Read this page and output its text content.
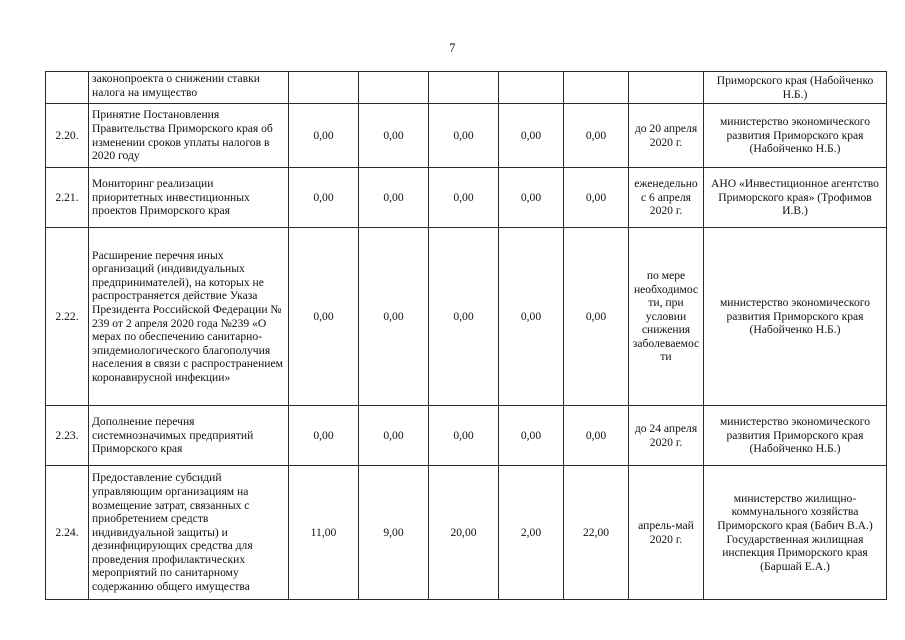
7
	законопроекта о снижении ставки налога на имущество							Приморского края (Набойченко Н.Б.)
2.20.	Принятие Постановления Правительства Приморского края об изменении сроков уплаты налогов в 2020 году	0,00	0,00	0,00	0,00	0,00	до 20 апреля 2020 г.	министерство экономического развития Приморского края (Набойченко Н.Б.)
2.21.	Мониторинг реализации приоритетных инвестиционных проектов Приморского края	0,00	0,00	0,00	0,00	0,00	еженедельно с 6 апреля 2020 г.	АНО «Инвестиционное агентство Приморского края» (Трофимов И.В.)
2.22.	Расширение перечня иных организаций (индивидуальных предпринимателей), на которых не распространяется действие Указа Президента Российской Федерации № 239 от 2 апреля 2020 года №239 «О мерах по обеспечению санитарно-эпидемиологического благополучия населения в связи с распространением коронавирусной инфекции»	0,00	0,00	0,00	0,00	0,00	по мере необходимости, при условии снижения заболеваемости	министерство экономического развития Приморского края (Набойченко Н.Б.)
2.23.	Дополнение перечня системнозначимых предприятий Приморского края	0,00	0,00	0,00	0,00	0,00	до 24 апреля 2020 г.	министерство экономического развития Приморского края (Набойченко Н.Б.)
2.24.	Предоставление субсидий управляющим организациям на возмещение затрат, связанных с приобретением средств индивидуальной защиты) и дезинфицирующих средства для проведения профилактических мероприятий по санитарному содержанию общего имущества	11,00	9,00	20,00	2,00	22,00	апрель-май 2020 г.	министерство жилищно-коммунального хозяйства Приморского края (Бабич В.А.) Государственная жилищная инспекция Приморского края (Баршай Е.А.)
